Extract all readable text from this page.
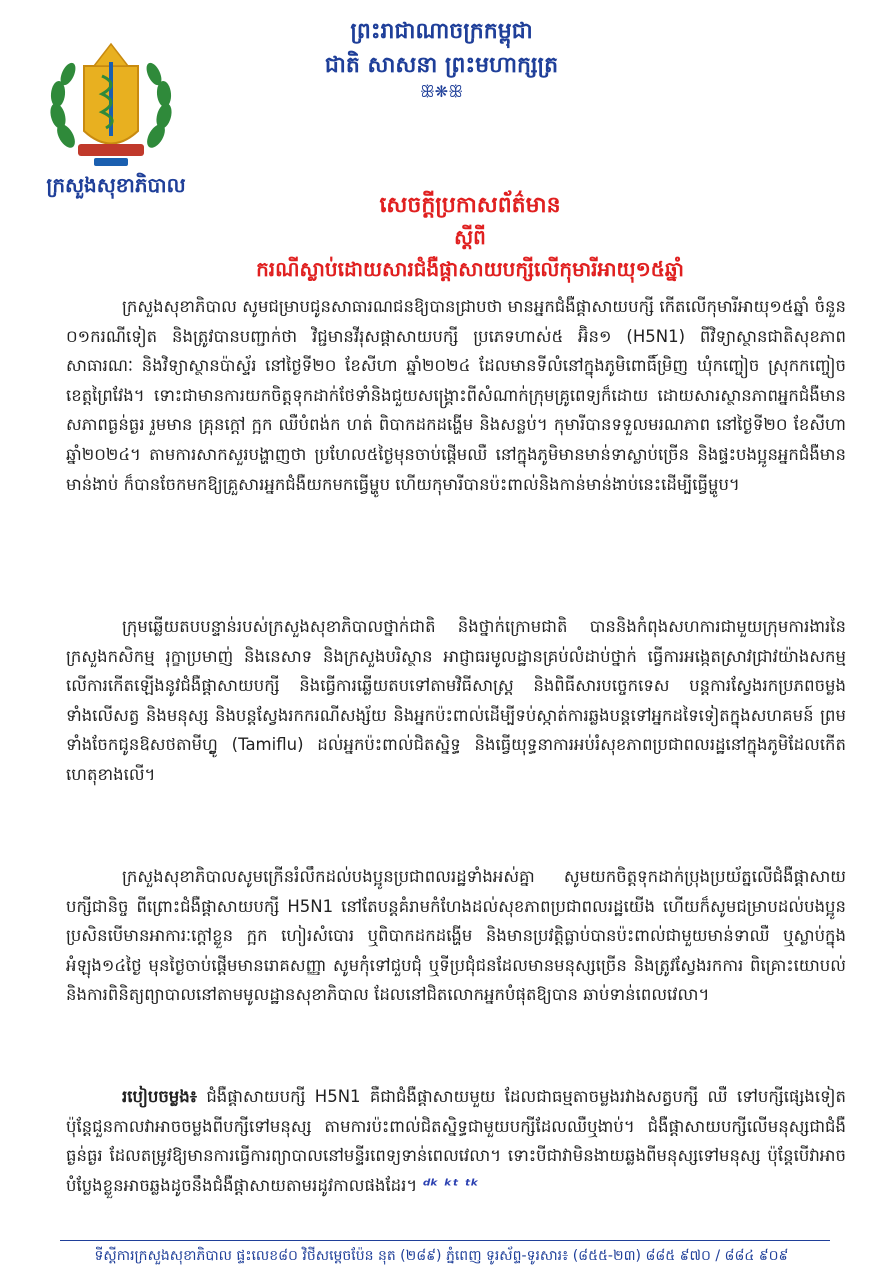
ព្រះរាជាណាចក្រកម្ពុជា
ជាតិ សាសនា ព្រះមហាក្សត្រ
ꕥ❋ꕥ
ក្រសួងសុខាភិបាល
សេចក្តីប្រកាសព័ត៌មាន
ស្តីពី
ករណីស្លាប់ដោយសារជំងឺផ្តាសាយបក្សីលើកុមារីអាយុ១៥ឆ្នាំ

ក្រសួងសុខាភិបាល សូមជម្រាបជូនសាធារណជនឱ្យបានជ្រាបថា មានអ្នកជំងឺផ្តាសាយបក្សី កើតលើកុមារីអាយុ១៥ឆ្នាំ ចំនួន ០១ករណីទៀត និងត្រូវបានបញ្ជាក់ថា វិជ្ជមានវីរុសផ្តាសាយបក្សី ប្រភេទហាស់៥ អ៊ិន១ (H5N1) ពីវិទ្យាស្ថានជាតិសុខភាពសាធារណៈ និងវិទ្យាស្ថានប៉ាស្ទ័រ នៅថ្ងៃទី២០ ខែសីហា ឆ្នាំ២០២៤ ដែលមានទីលំនៅក្នុងភូមិពោធិ៍ម្រិញ ឃុំកញ្ចៀច ស្រុកកញ្ចៀច ខេត្តព្រៃវែង។ ទោះជាមានការយកចិត្តទុកដាក់ថែទាំនិងជួយសង្គ្រោះពីសំណាក់ក្រុមគ្រូពេទ្យក៏ដោយ ដោយសារស្ថានភាពអ្នកជំងឺមានសភាពធ្ងន់ធ្ងរ រួមមាន គ្រុនក្តៅ ក្អក ឈឺបំពង់ក ហត់ ពិបាកដកដង្ហើម និងសន្លប់។ កុមារីបានទទួលមរណភាព នៅថ្ងៃទី២០ ខែសីហា ឆ្នាំ២០២៤។ តាមការសាកសួរបង្ហាញថា ប្រហែល៥ថ្ងៃមុនចាប់ផ្តើមឈឺ នៅក្នុងភូមិមានមាន់ទាស្លាប់ច្រើន និងផ្ទះបងប្អូនអ្នកជំងឺមានមាន់ងាប់ ក៏បានចែកមកឱ្យគ្រួសារអ្នកជំងឺយកមកធ្វើម្ហូប ហើយកុមារីបានប៉ះពាល់និងកាន់មាន់ងាប់នេះដើម្បីធ្វើម្ហូប។

ក្រុមឆ្លើយតបបន្ទាន់របស់ក្រសួងសុខាភិបាលថ្នាក់ជាតិ និងថ្នាក់ក្រោមជាតិ បាននិងកំពុងសហការជាមួយក្រុមការងារនៃក្រសួងកសិកម្ម រុក្ខាប្រមាញ់ និងនេសាទ និងក្រសួងបរិស្ថាន អាជ្ញាធរមូលដ្ឋានគ្រប់លំដាប់ថ្នាក់ ធ្វើការអង្កេតស្រាវជ្រាវយ៉ាងសកម្មលើការកើតឡើងនូវជំងឺផ្តាសាយបក្សី និងធ្វើការឆ្លើយតបទៅតាមវិធីសាស្ត្រ និងពិធីសារបច្ចេកទេស បន្តការស្វែងរកប្រភពចម្លង ទាំងលើសត្វ និងមនុស្ស និងបន្តស្វែងរកករណីសង្ស័យ និងអ្នកប៉ះពាល់ដើម្បីទប់ស្កាត់ការឆ្លងបន្តទៅអ្នកដទៃទៀតក្នុងសហគមន៍ ព្រមទាំងចែកជូនឱសថតាមីហ្វ្លូ (Tamiflu) ដល់អ្នកប៉ះពាល់ជិតស្និទ្ធ និងធ្វើយុទ្ធនាការអប់រំសុខភាពប្រជាពលរដ្ឋនៅក្នុងភូមិដែលកើតហេតុខាងលើ។

ក្រសួងសុខាភិបាលសូមក្រើនរំលឹកដល់បងប្អូនប្រជាពលរដ្ឋទាំងអស់គ្នា សូមយកចិត្តទុកដាក់ប្រុងប្រយ័ត្នលើជំងឺផ្តាសាយបក្សីជានិច្ច ពីព្រោះជំងឺផ្តាសាយបក្សី H5N1 នៅតែបន្តគំរាមកំហែងដល់សុខភាពប្រជាពលរដ្ឋយើង ហើយក៏សូមជម្រាបដល់បងប្អូន ប្រសិនបើមានអាការៈក្តៅខ្លួន ក្អក ហៀរសំបោរ ឬពិបាកដកដង្ហើម និងមានប្រវត្តិធ្លាប់បានប៉ះពាល់ជាមួយមាន់ទាឈឺ ឬស្លាប់ក្នុងអំឡុង១៤ថ្ងៃ មុនថ្ងៃចាប់ផ្តើមមានរោគសញ្ញា សូមកុំទៅជួបជុំ ឬទីប្រជុំជនដែលមានមនុស្សច្រើន និងត្រូវស្វែងរកការ ពិគ្រោះយោបល់ និងការពិនិត្យព្យាបាលនៅតាមមូលដ្ឋានសុខាភិបាល ដែលនៅជិតលោកអ្នកបំផុតឱ្យបាន ឆាប់ទាន់ពេលវេលា។

របៀបចម្លង៖ ជំងឺផ្តាសាយបក្សី H5N1 គឺជាជំងឺផ្តាសាយមួយ ដែលជាធម្មតាចម្លងរវាងសត្វបក្សី ឈឺ ទៅបក្សីផ្សេងទៀត ប៉ុន្តែជួនកាលវាអាចចម្លងពីបក្សីទៅមនុស្ស តាមការប៉ះពាល់ជិតស្និទ្ធជាមួយបក្សីដែលឈឺឬងាប់។ ជំងឺផ្តាសាយបក្សីលើមនុស្សជាជំងឺធ្ងន់ធ្ងរ ដែលតម្រូវឱ្យមានការធ្វើការព្យាបាលនៅមន្ទីរពេទ្យទាន់ពេលវេលា។ ទោះបីជាវាមិនងាយឆ្លងពីមនុស្សទៅមនុស្ស ប៉ុន្តែបើវាអាចបំប្លែងខ្លួនអាចឆ្លងដូចនឹងជំងឺផ្តាសាយតាមរដូវកាលផងដែរ។ ᵈᵏ ᵏᵗ ᵗᵏ

ទីស្តីការក្រសួងសុខាភិបាល ផ្ទះលេខ៨០ វិថីសម្តេចប៉ែន នុត (២៨៩) ភ្នំពេញ ទូរស័ព្ទ-ទូរសារ៖ (៨៥៥-២៣) ៨៨៥ ៩៧០ / ៨៨៤ ៩០៩
